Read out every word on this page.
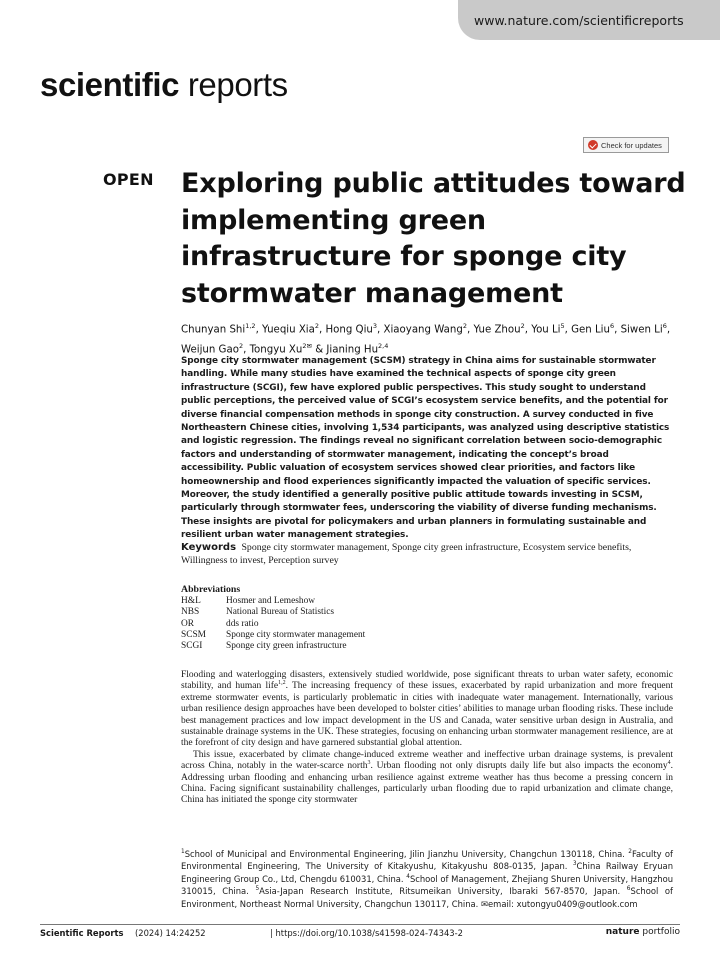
www.nature.com/scientificreports
scientific reports
Check for updates
OPEN Exploring public attitudes toward implementing green infrastructure for sponge city stormwater management
Chunyan Shi$^{1,2}$, Yueqiu Xia$^2$, Hong Qiu$^3$, Xiaoyang Wang$^2$, Yue Zhou$^2$, You Li$^5$, Gen Liu$^6$, Siwen Li$^6$, Weijun Gao$^2$, Tongyu $Xu^{2✉}$ & Jianing Hu$^{2,4}$

Sponge city stormwater management (SCSM) strategy in China aims for sustainable stormwater handling. While many studies have examined the technical aspects of sponge city green infrastructure (SCGI), few have explored public perspectives. This study sought to understand public perceptions, the perceived value of SCGI’s ecosystem service benefits, and the potential for diverse financial compensation methods in sponge city construction. A survey conducted in five Northeastern Chinese cities, involving 1,534 participants, was analyzed using descriptive statistics and logistic regression. The findings reveal no significant correlation between socio-demographic factors and understanding of stormwater management, indicating the concept’s broad accessibility. Public valuation of ecosystem services showed clear priorities, and factors like homeownership and flood experiences significantly impacted the valuation of specific services. Moreover, the study identified a generally positive public attitude towards investing in SCSM, particularly through stormwater fees, underscoring the viability of diverse funding mechanisms. These insights are pivotal for policymakers and urban planners in formulating sustainable and resilient urban water management strategies.

Keywords Sponge city stormwater management, Sponge city green infrastructure, Ecosystem service benefits, Willingness to invest, Perception survey
Abbreviations
H&L	Hosmer and Lemeshow
NBS	National Bureau of Statistics
OR	dds ratio
SCSM	Sponge city stormwater management
SCGI	Sponge city green infrastructure

Flooding and waterlogging disasters, extensively studied worldwide, pose significant threats to urban water safety, economic stability, and human life$^{1,2}$. The increasing frequency of these issues, exacerbated by rapid urbanization and more frequent extreme stormwater events, is particularly problematic in cities with inadequate water management. Internationally, various urban resilience design approaches have been developed to bolster cities’ abilities to manage urban flooding risks. These include best management practices and low impact development in the US and Canada, water sensitive urban design in Australia, and sustainable drainage systems in the UK. These strategies, focusing on enhancing urban stormwater management resilience, are at the forefront of city design and have garnered substantial global attention.

This issue, exacerbated by climate change-induced extreme weather and ineffective urban drainage systems, is prevalent across China, notably in the water-scarce north$^3$. Urban flooding not only disrupts daily life but also impacts the economy$^4$. Addressing urban flooding and enhancing urban resilience against extreme weather has thus become a pressing concern in China. Facing significant sustainability challenges, particularly urban flooding due to rapid urbanization and climate change, China has initiated the sponge city stormwater

$^1$School of Municipal and Environmental Engineering, Jilin Jianzhu University, Changchun 130118, China. $^2$Faculty of Environmental Engineering, The University of Kitakyushu, Kitakyushu 808-0135, Japan. $^3$China Railway Eryuan Engineering Group Co., Ltd, Chengdu 610031, China. $^4$School of Management, Zhejiang Shuren University, Hangzhou 310015, China. $^5$Asia-Japan Research Institute, Ritsumeikan University, Ibaraki 567-8570, Japan. $^6$School of Environment, Northeast Normal University, Changchun 130117, China. ✉email: xutongyu0409@outlook.com
Scientific Reports (2024) 14:24252	| https://doi.org/10.1038/s41598-024-74343-2	nature portfolio
